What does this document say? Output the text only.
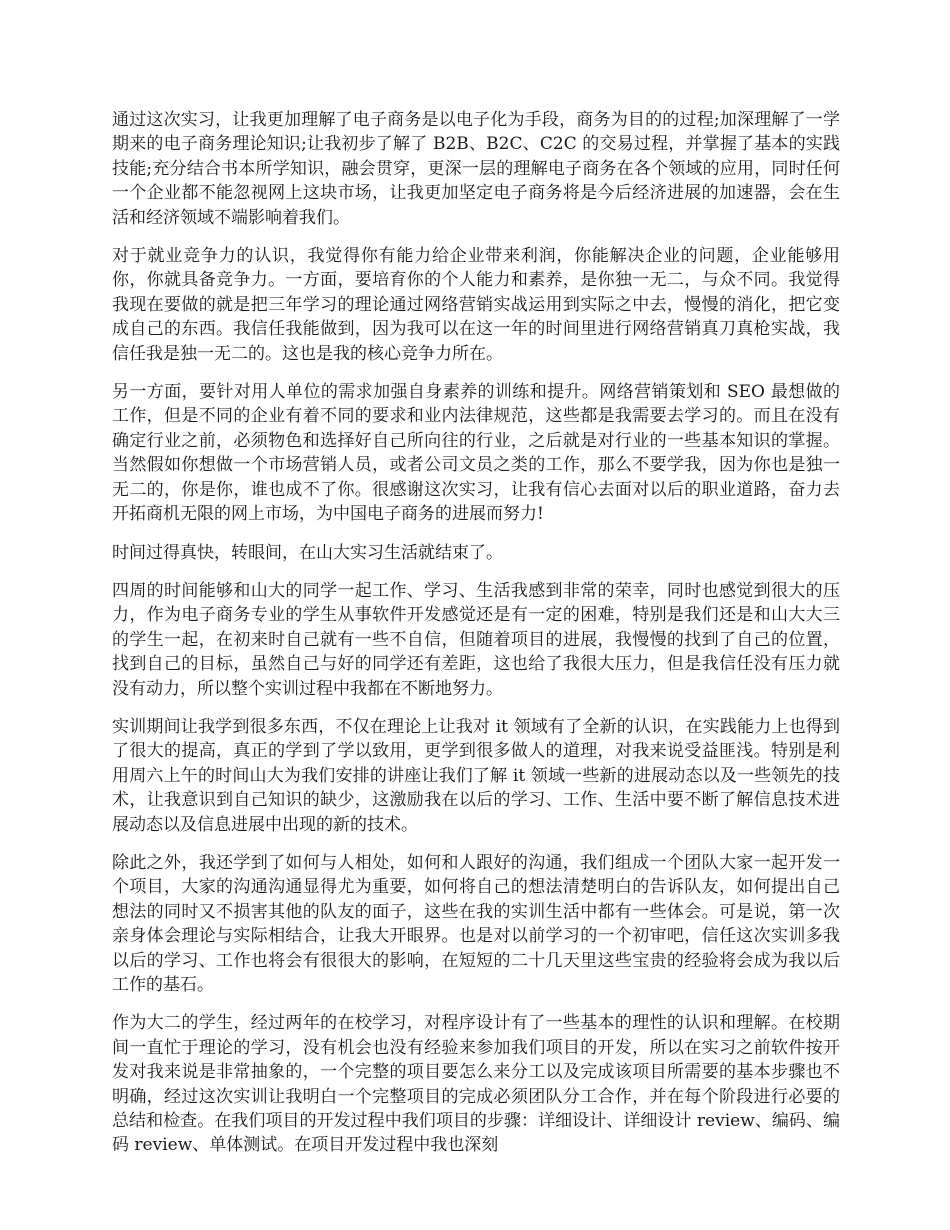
通过这次实习，让我更加理解了电子商务是以电子化为手段，商务为目的的过程;加深理解了一学期来的电子商务理论知识;让我初步了解了 B2B、B2C、C2C 的交易过程，并掌握了基本的实践技能;充分结合书本所学知识，融会贯穿，更深一层的理解电子商务在各个领域的应用，同时任何一个企业都不能忽视网上这块市场，让我更加坚定电子商务将是今后经济进展的加速器，会在生活和经济领域不端影响着我们。

对于就业竞争力的认识，我觉得你有能力给企业带来利润，你能解决企业的问题，企业能够用你，你就具备竞争力。一方面，要培育你的个人能力和素养，是你独一无二，与众不同。我觉得我现在要做的就是把三年学习的理论通过网络营销实战运用到实际之中去，慢慢的消化，把它变成自己的东西。我信任我能做到，因为我可以在这一年的时间里进行网络营销真刀真枪实战，我信任我是独一无二的。这也是我的核心竞争力所在。

另一方面，要针对用人单位的需求加强自身素养的训练和提升。网络营销策划和 SEO 最想做的工作，但是不同的企业有着不同的要求和业内法律规范，这些都是我需要去学习的。而且在没有确定行业之前，必须物色和选择好自己所向往的行业，之后就是对行业的一些基本知识的掌握。当然假如你想做一个市场营销人员，或者公司文员之类的工作，那么不要学我，因为你也是独一无二的，你是你，谁也成不了你。很感谢这次实习，让我有信心去面对以后的职业道路，奋力去开拓商机无限的网上市场，为中国电子商务的进展而努力!

时间过得真快，转眼间，在山大实习生活就结束了。

四周的时间能够和山大的同学一起工作、学习、生活我感到非常的荣幸，同时也感觉到很大的压力，作为电子商务专业的学生从事软件开发感觉还是有一定的困难，特别是我们还是和山大大三的学生一起，在初来时自己就有一些不自信，但随着项目的进展，我慢慢的找到了自己的位置，找到自己的目标，虽然自己与好的同学还有差距，这也给了我很大压力，但是我信任没有压力就没有动力，所以整个实训过程中我都在不断地努力。

实训期间让我学到很多东西，不仅在理论上让我对 it 领域有了全新的认识，在实践能力上也得到了很大的提高，真正的学到了学以致用，更学到很多做人的道理，对我来说受益匪浅。特别是利用周六上午的时间山大为我们安排的讲座让我们了解 it 领域一些新的进展动态以及一些领先的技术，让我意识到自己知识的缺少，这激励我在以后的学习、工作、生活中要不断了解信息技术进展动态以及信息进展中出现的新的技术。

除此之外，我还学到了如何与人相处，如何和人跟好的沟通，我们组成一个团队大家一起开发一个项目，大家的沟通沟通显得尤为重要，如何将自己的想法清楚明白的告诉队友，如何提出自己想法的同时又不损害其他的队友的面子，这些在我的实训生活中都有一些体会。可是说，第一次亲身体会理论与实际相结合，让我大开眼界。也是对以前学习的一个初审吧，信任这次实训多我以后的学习、工作也将会有很很大的影响，在短短的二十几天里这些宝贵的经验将会成为我以后工作的基石。

作为大二的学生，经过两年的在校学习，对程序设计有了一些基本的理性的认识和理解。在校期间一直忙于理论的学习，没有机会也没有经验来参加我们项目的开发，所以在实习之前软件按开发对我来说是非常抽象的，一个完整的项目要怎么来分工以及完成该项目所需要的基本步骤也不明确，经过这次实训让我明白一个完整项目的完成必须团队分工合作，并在每个阶段进行必要的总结和检查。在我们项目的开发过程中我们项目的步骤：详细设计、详细设计 review、编码、编码 review、单体测试。在项目开发过程中我也深刻
